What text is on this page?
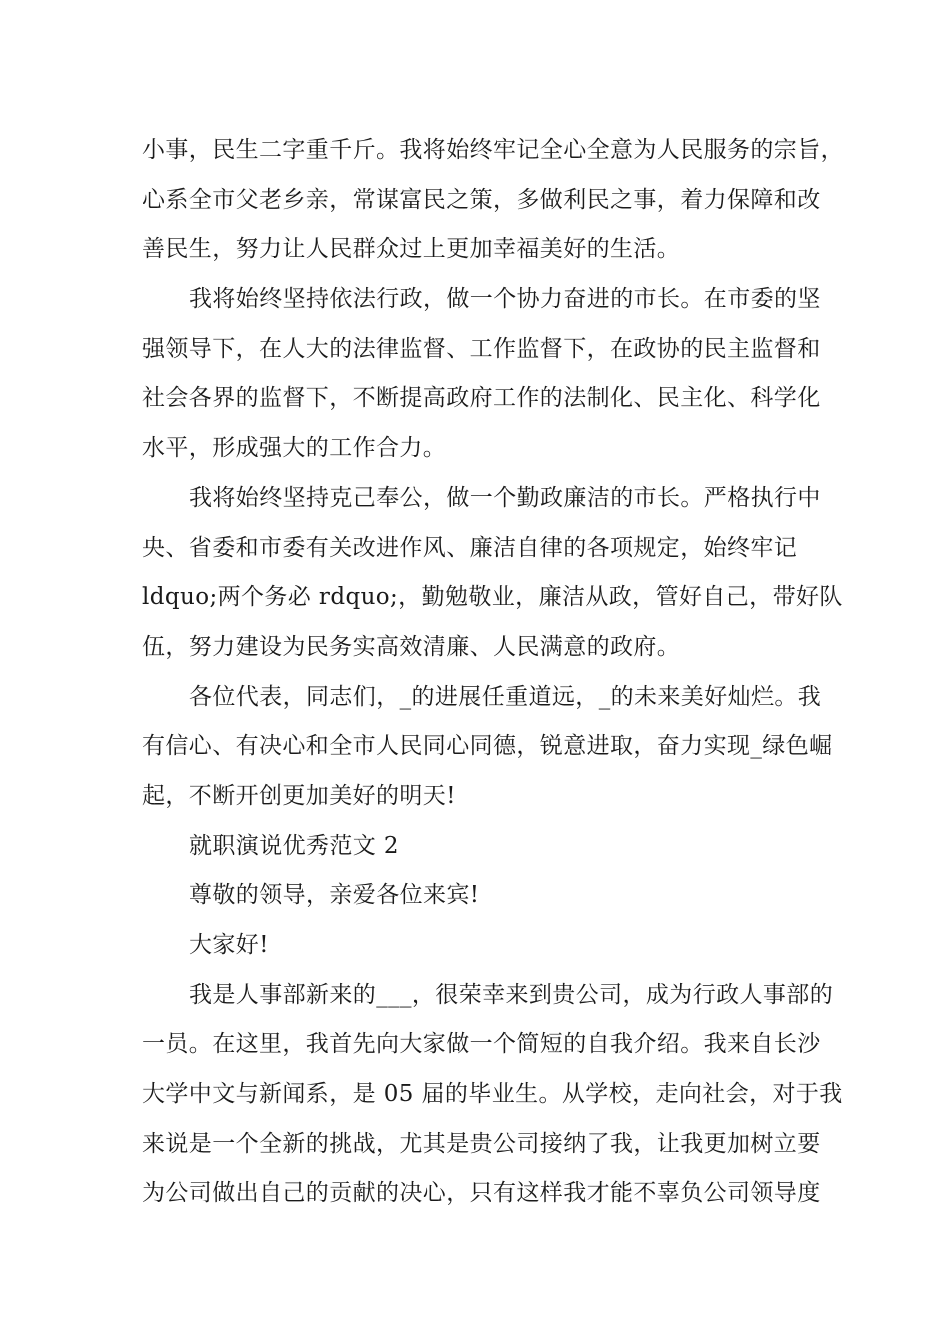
小事，民生二字重千斤。我将始终牢记全心全意为人民服务的宗旨，
心系全市父老乡亲，常谋富民之策，多做利民之事，着力保障和改
善民生，努力让人民群众过上更加幸福美好的生活。
我将始终坚持依法行政，做一个协力奋进的市长。在市委的坚
强领导下，在人大的法律监督、工作监督下，在政协的民主监督和
社会各界的监督下，不断提高政府工作的法制化、民主化、科学化
水平，形成强大的工作合力。
我将始终坚持克己奉公，做一个勤政廉洁的市长。严格执行中
央、省委和市委有关改进作风、廉洁自律的各项规定，始终牢记
ldquo;两个务必 rdquo;，勤勉敬业，廉洁从政，管好自己，带好队
伍，努力建设为民务实高效清廉、人民满意的政府。
各位代表，同志们，_的进展任重道远，_的未来美好灿烂。我
有信心、有决心和全市人民同心同德，锐意进取，奋力实现_绿色崛
起，不断开创更加美好的明天!
就职演说优秀范文 2
尊敬的领导，亲爱各位来宾!
大家好!
我是人事部新来的___，很荣幸来到贵公司，成为行政人事部的
一员。在这里，我首先向大家做一个简短的自我介绍。我来自长沙
大学中文与新闻系，是 05 届的毕业生。从学校，走向社会，对于我
来说是一个全新的挑战，尤其是贵公司接纳了我，让我更加树立要
为公司做出自己的贡献的决心，只有这样我才能不辜负公司领导度
